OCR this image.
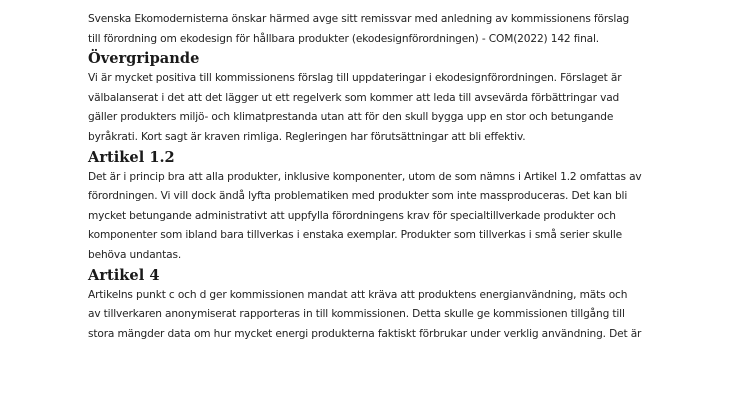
Svenska Ekomodernisterna önskar härmed avge sitt remissvar med anledning av kommissionens förslag
till förordning om ekodesign för hållbara produkter (ekodesignförordningen) - COM(2022) 142 final.

Övergripande

Vi är mycket positiva till kommissionens förslag till uppdateringar i ekodesignförordningen. Förslaget är
välbalanserat i det att det lägger ut ett regelverk som kommer att leda till avsevärda förbättringar vad
gäller produkters miljö- och klimatprestanda utan att för den skull bygga upp en stor och betungande
byråkrati. Kort sagt är kraven rimliga. Regleringen har förutsättningar att bli effektiv.

Artikel 1.2

Det är i princip bra att alla produkter, inklusive komponenter, utom de som nämns i Artikel 1.2 omfattas av
förordningen. Vi vill dock ändå lyfta problematiken med produkter som inte massproduceras. Det kan bli
mycket betungande administrativt att uppfylla förordningens krav för specialtillverkade produkter och
komponenter som ibland bara tillverkas i enstaka exemplar. Produkter som tillverkas i små serier skulle
behöva undantas.

Artikel 4

Artikelns punkt c och d ger kommissionen mandat att kräva att produktens energianvändning, mäts och
av tillverkaren anonymiserat rapporteras in till kommissionen. Detta skulle ge kommissionen tillgång till
stora mängder data om hur mycket energi produkterna faktiskt förbrukar under verklig användning. Det är
